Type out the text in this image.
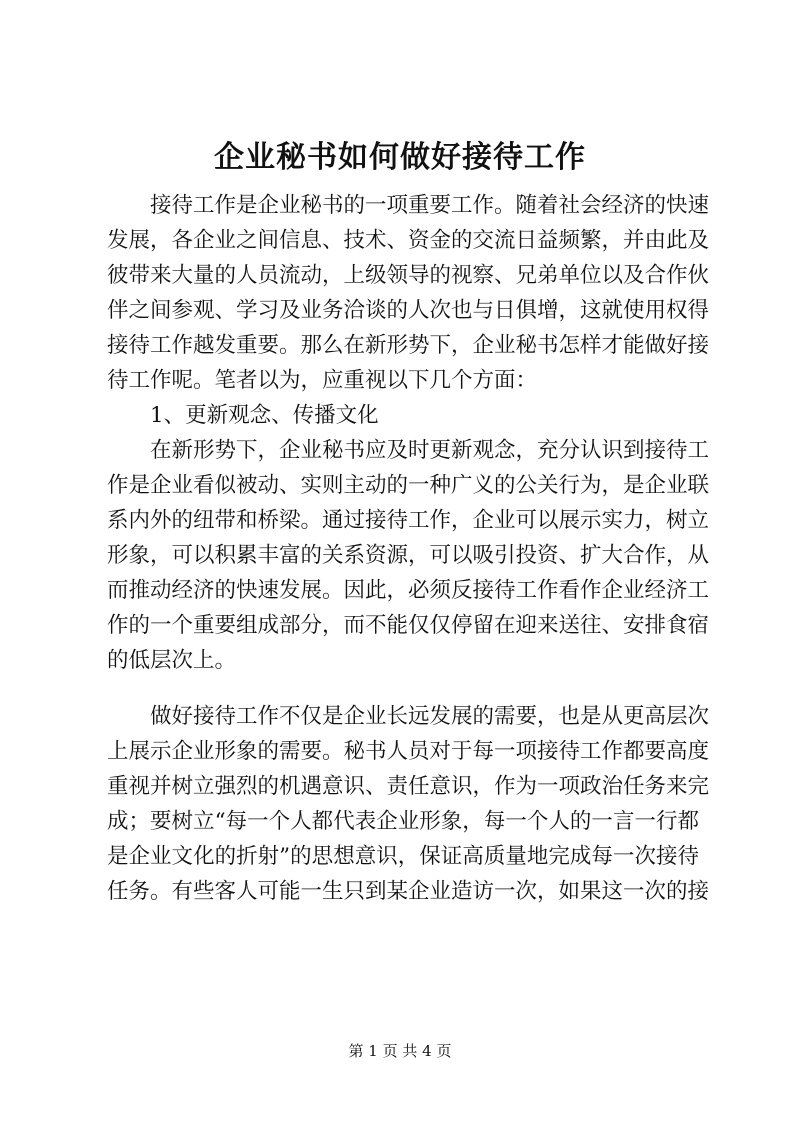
企业秘书如何做好接待工作
接待工作是企业秘书的一项重要工作。随着社会经济的快速
发展，各企业之间信息、技术、资金的交流日益频繁，并由此及
彼带来大量的人员流动，上级领导的视察、兄弟单位以及合作伙
伴之间参观、学习及业务洽谈的人次也与日俱增，这就使用权得
接待工作越发重要。那么在新形势下，企业秘书怎样才能做好接
待工作呢。笔者以为，应重视以下几个方面：
1、更新观念、传播文化
在新形势下，企业秘书应及时更新观念，充分认识到接待工
作是企业看似被动、实则主动的一种广义的公关行为，是企业联
系内外的纽带和桥梁。通过接待工作，企业可以展示实力，树立
形象，可以积累丰富的关系资源，可以吸引投资、扩大合作，从
而推动经济的快速发展。因此，必须反接待工作看作企业经济工
作的一个重要组成部分，而不能仅仅停留在迎来送往、安排食宿
的低层次上。
做好接待工作不仅是企业长远发展的需要，也是从更高层次
上展示企业形象的需要。秘书人员对于每一项接待工作都要高度
重视并树立强烈的机遇意识、责任意识，作为一项政治任务来完
成；要树立“每一个人都代表企业形象，每一个人的一言一行都
是企业文化的折射”的思想意识，保证高质量地完成每一次接待
任务。有些客人可能一生只到某企业造访一次，如果这一次的接
第 1 页 共 4 页
